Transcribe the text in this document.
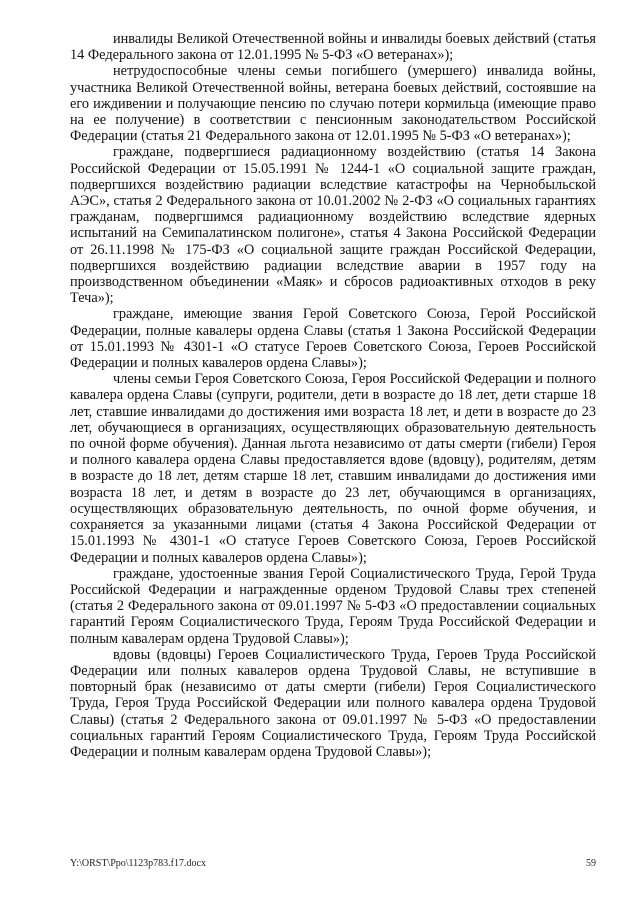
инвалиды Великой Отечественной войны и инвалиды боевых действий (статья 14 Федерального закона от 12.01.1995 № 5-ФЗ «О ветеранах»);

нетрудоспособные члены семьи погибшего (умершего) инвалида войны, участника Великой Отечественной войны, ветерана боевых действий, состоявшие на его иждивении и получающие пенсию по случаю потери кормильца (имеющие право на ее получение) в соответствии с пенсионным законодательством Российской Федерации (статья 21 Федерального закона от 12.01.1995 № 5-ФЗ «О ветеранах»);

граждане, подвергшиеся радиационному воздействию (статья 14 Закона Российской Федерации от 15.05.1991 № 1244-1 «О социальной защите граждан, подвергшихся воздействию радиации вследствие катастрофы на Чернобыльской АЭС», статья 2 Федерального закона от 10.01.2002 № 2-ФЗ «О социальных гарантиях гражданам, подвергшимся радиационному воздействию вследствие ядерных испытаний на Семипалатинском полигоне», статья 4 Закона Российской Федерации от 26.11.1998 № 175-ФЗ «О социальной защите граждан Российской Федерации, подвергшихся воздействию радиации вследствие аварии в 1957 году на производственном объединении «Маяк» и сбросов радиоактивных отходов в реку Теча»);

граждане, имеющие звания Герой Советского Союза, Герой Российской Федерации, полные кавалеры ордена Славы (статья 1 Закона Российской Федерации от 15.01.1993 № 4301-1 «О статусе Героев Советского Союза, Героев Российской Федерации и полных кавалеров ордена Славы»);

члены семьи Героя Советского Союза, Героя Российской Федерации и полного кавалера ордена Славы (супруги, родители, дети в возрасте до 18 лет, дети старше 18 лет, ставшие инвалидами до достижения ими возраста 18 лет, и дети в возрасте до 23 лет, обучающиеся в организациях, осуществляющих образовательную деятельность по очной форме обучения). Данная льгота независимо от даты смерти (гибели) Героя и полного кавалера ордена Славы предоставляется вдове (вдовцу), родителям, детям в возрасте до 18 лет, детям старше 18 лет, ставшим инвалидами до достижения ими возраста 18 лет, и детям в возрасте до 23 лет, обучающимся в организациях, осуществляющих образовательную деятельность, по очной форме обучения, и сохраняется за указанными лицами (статья 4 Закона Российской Федерации от 15.01.1993 № 4301-1 «О статусе Героев Советского Союза, Героев Российской Федерации и полных кавалеров ордена Славы»);

граждане, удостоенные звания Герой Социалистического Труда, Герой Труда Российской Федерации и награжденные орденом Трудовой Славы трех степеней (статья 2 Федерального закона от 09.01.1997 № 5-ФЗ «О предоставлении социальных гарантий Героям Социалистического Труда, Героям Труда Российской Федерации и полным кавалерам ордена Трудовой Славы»);

вдовы (вдовцы) Героев Социалистического Труда, Героев Труда Российской Федерации или полных кавалеров ордена Трудовой Славы, не вступившие в повторный брак (независимо от даты смерти (гибели) Героя Социалистического Труда, Героя Труда Российской Федерации или полного кавалера ордена Трудовой Славы) (статья 2 Федерального закона от 09.01.1997 № 5-ФЗ «О предоставлении социальных гарантий Героям Социалистического Труда, Героям Труда Российской Федерации и полным кавалерам ордена Трудовой Славы»);

Y:\ORST\Ppo\1123p783.f17.docx	59
